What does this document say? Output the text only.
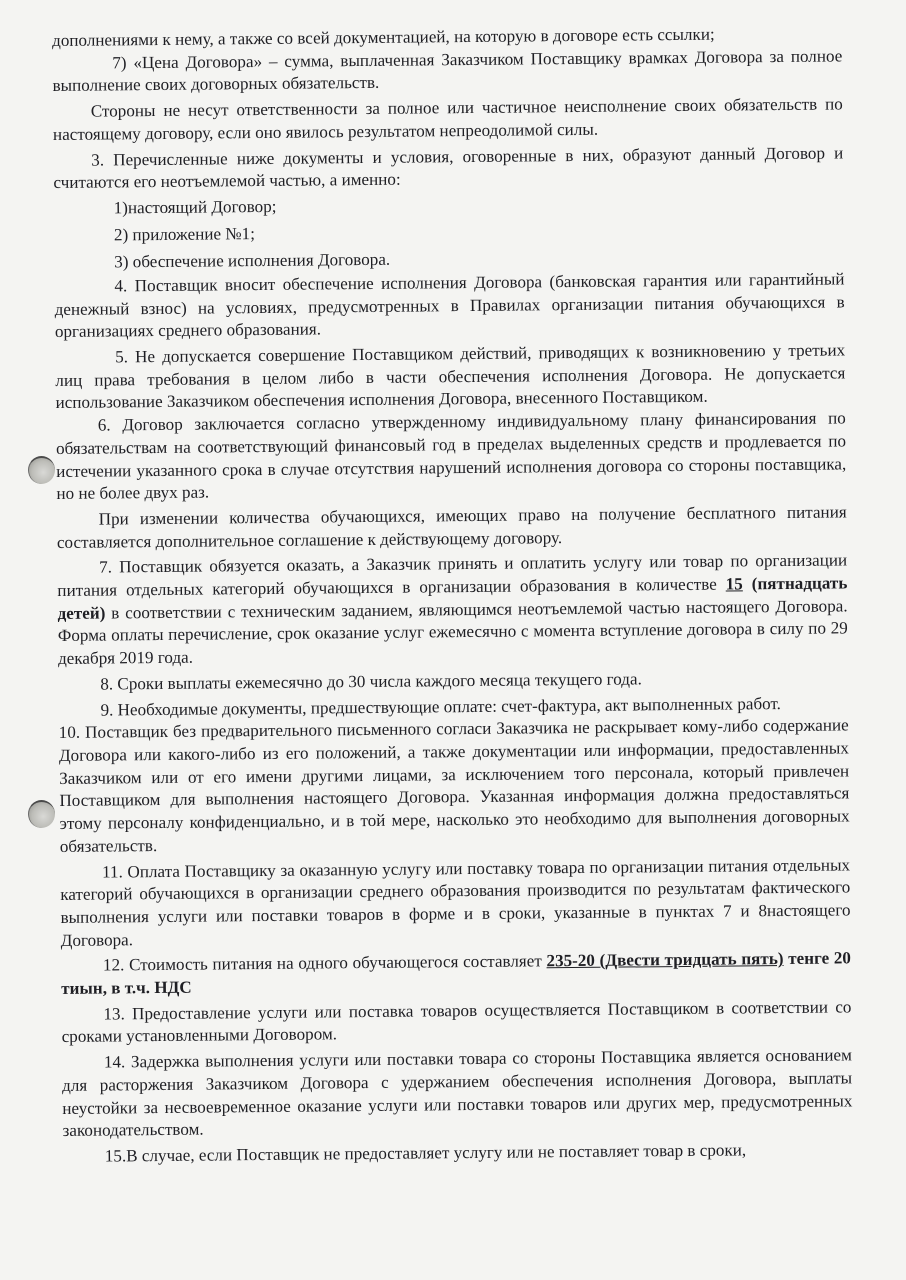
дополнениями к нему, а также со всей документацией, на которую в договоре есть ссылки;

7) «Цена Договора» – сумма, выплаченная Заказчиком Поставщику врамках Договора за полное выполнение своих договорных обязательств.

Стороны не несут ответственности за полное или частичное неисполнение своих обязательств по настоящему договору, если оно явилось результатом непреодолимой силы.

3. Перечисленные ниже документы и условия, оговоренные в них, образуют данный Договор и считаются его неотъемлемой частью, а именно:

1)настоящий Договор;

2) приложение №1;

3) обеспечение исполнения Договора.

4. Поставщик вносит обеспечение исполнения Договора (банковская гарантия или гарантийный денежный взнос) на условиях, предусмотренных в Правилах организации питания обучающихся в организациях среднего образования.

5. Не допускается совершение Поставщиком действий, приводящих к возникновению у третьих лиц права требования в целом либо в части обеспечения исполнения Договора. Не допускается использование Заказчиком обеспечения исполнения Договора, внесенного Поставщиком.

6. Договор заключается согласно утвержденному индивидуальному плану финансирования по обязательствам на соответствующий финансовый год в пределах выделенных средств и продлевается по истечении указанного срока в случае отсутствия нарушений исполнения договора со стороны поставщика, но не более двух раз.

При изменении количества обучающихся, имеющих право на получение бесплатного питания составляется дополнительное соглашение к действующему договору.

7. Поставщик обязуется оказать, а Заказчик принять и оплатить услугу или товар по организации питания отдельных категорий обучающихся в организации образования в количестве 15 (пятнадцать детей) в соответствии с техническим заданием, являющимся неотъемлемой частью настоящего Договора. Форма оплаты перечисление, срок оказание услуг ежемесячно с момента вступление договора в силу по 29 декабря 2019 года.

8. Сроки выплаты ежемесячно до 30 числа каждого месяца текущего года.

9. Необходимые документы, предшествующие оплате: счет-фактура, акт выполненных работ.

10. Поставщик без предварительного письменного согласи Заказчика не раскрывает кому-либо содержание Договора или какого-либо из его положений, а также документации или информации, предоставленных Заказчиком или от его имени другими лицами, за исключением того персонала, который привлечен Поставщиком для выполнения настоящего Договора. Указанная информация должна предоставляться этому персоналу конфиденциально, и в той мере, насколько это необходимо для выполнения договорных обязательств.

11. Оплата Поставщику за оказанную услугу или поставку товара по организации питания отдельных категорий обучающихся в организации среднего образования производится по результатам фактического выполнения услуги или поставки товаров в форме и в сроки, указанные в пунктах 7 и 8настоящего Договора.

12. Стоимость питания на одного обучающегося составляет 235-20 (Двести тридцать пять) тенге 20 тиын, в т.ч. НДС

13. Предоставление услуги или поставка товаров осуществляется Поставщиком в соответствии со сроками установленными Договором.

14. Задержка выполнения услуги или поставки товара со стороны Поставщика является основанием для расторжения Заказчиком Договора с удержанием обеспечения исполнения Договора, выплаты неустойки за несвоевременное оказание услуги или поставки товаров или других мер, предусмотренных законодательством.

15.В случае, если Поставщик не предоставляет услугу или не поставляет товар в сроки,
